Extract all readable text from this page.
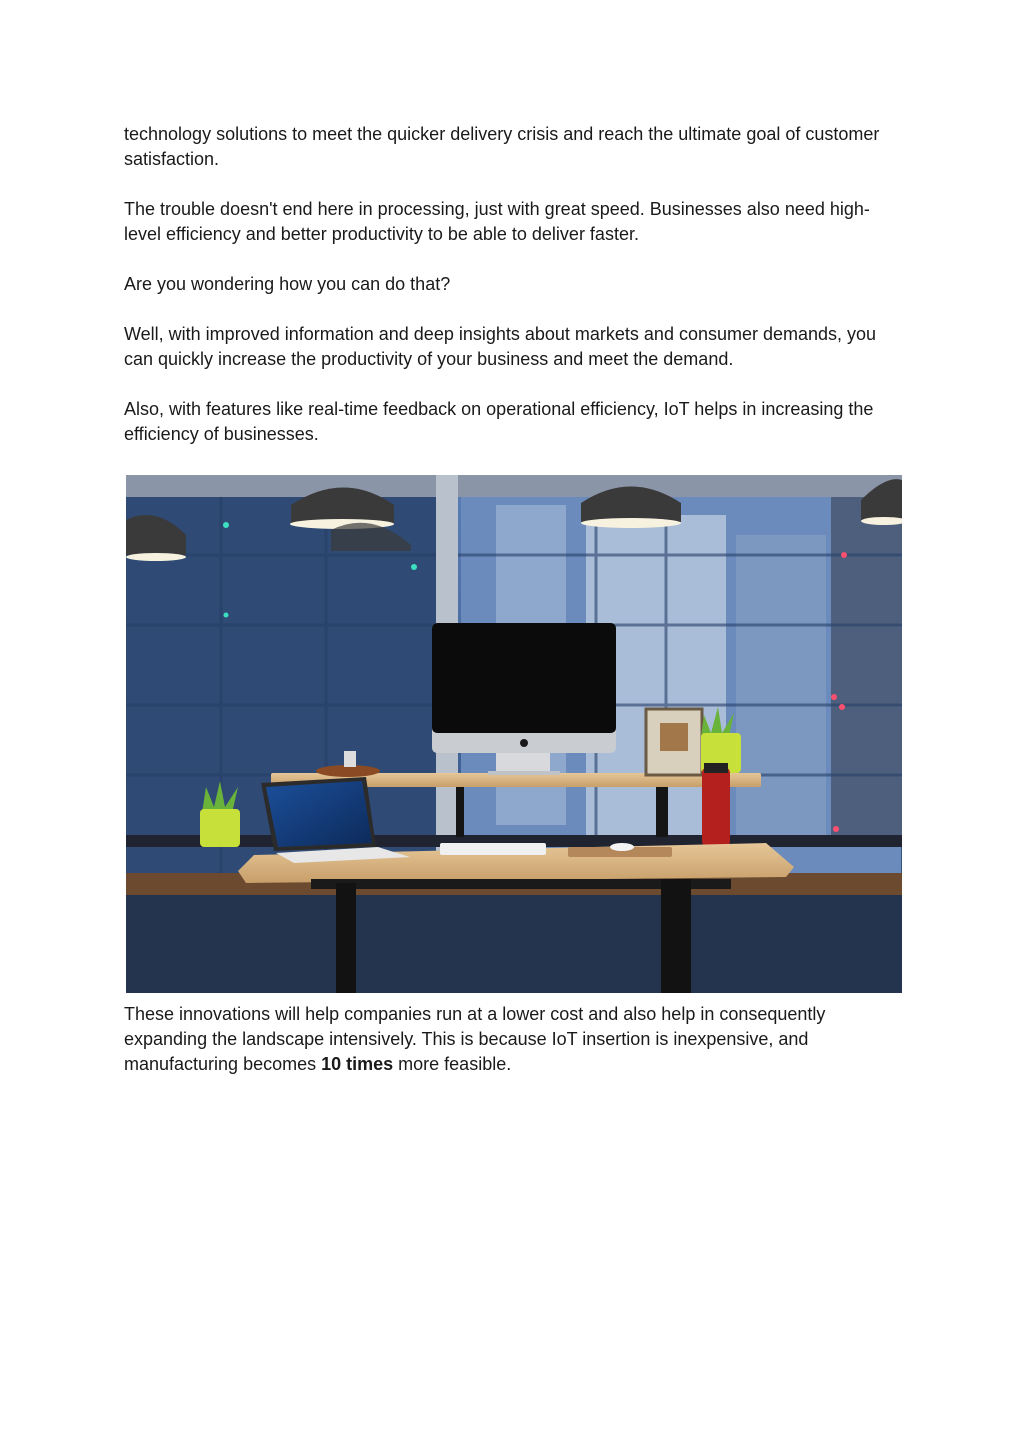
technology solutions to meet the quicker delivery crisis and reach the ultimate goal of customer satisfaction.

The trouble doesn't end here in processing, just with great speed. Businesses also need high-level efficiency and better productivity to be able to deliver faster.

Are you wondering how you can do that?

Well, with improved information and deep insights about markets and consumer demands, you can quickly increase the productivity of your business and meet the demand.

Also, with features like real-time feedback on operational efficiency, IoT helps in increasing the efficiency of businesses.

These innovations will help companies run at a lower cost and also help in consequently expanding the landscape intensively. This is because IoT insertion is inexpensive, and manufacturing becomes 10 times more feasible.
